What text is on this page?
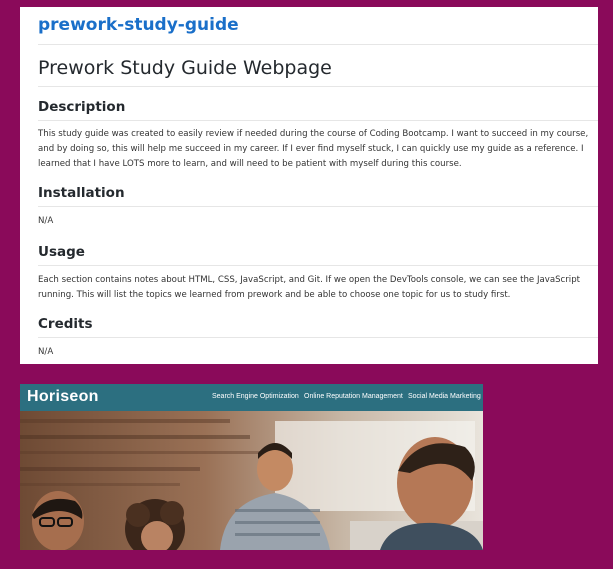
prework-study-guide
Prework Study Guide Webpage
Description
This study guide was created to easily review if needed during the course of Coding Bootcamp. I want to succeed in my course, and by doing so, this will help me succeed in my career. If I ever find myself stuck, I can quickly use my guide as a reference. I learned that I have LOTS more to learn, and will need to be patient with myself during this course.
Installation
N/A
Usage
Each section contains notes about HTML, CSS, JavaScript, and Git. If we open the DevTools console, we can see the JavaScript running. This will list the topics we learned from prework and be able to choose one topic for us to study first.
Credits
N/A
Horiseon	Search Engine Optimization Online Reputation Management Social Media Marketing
